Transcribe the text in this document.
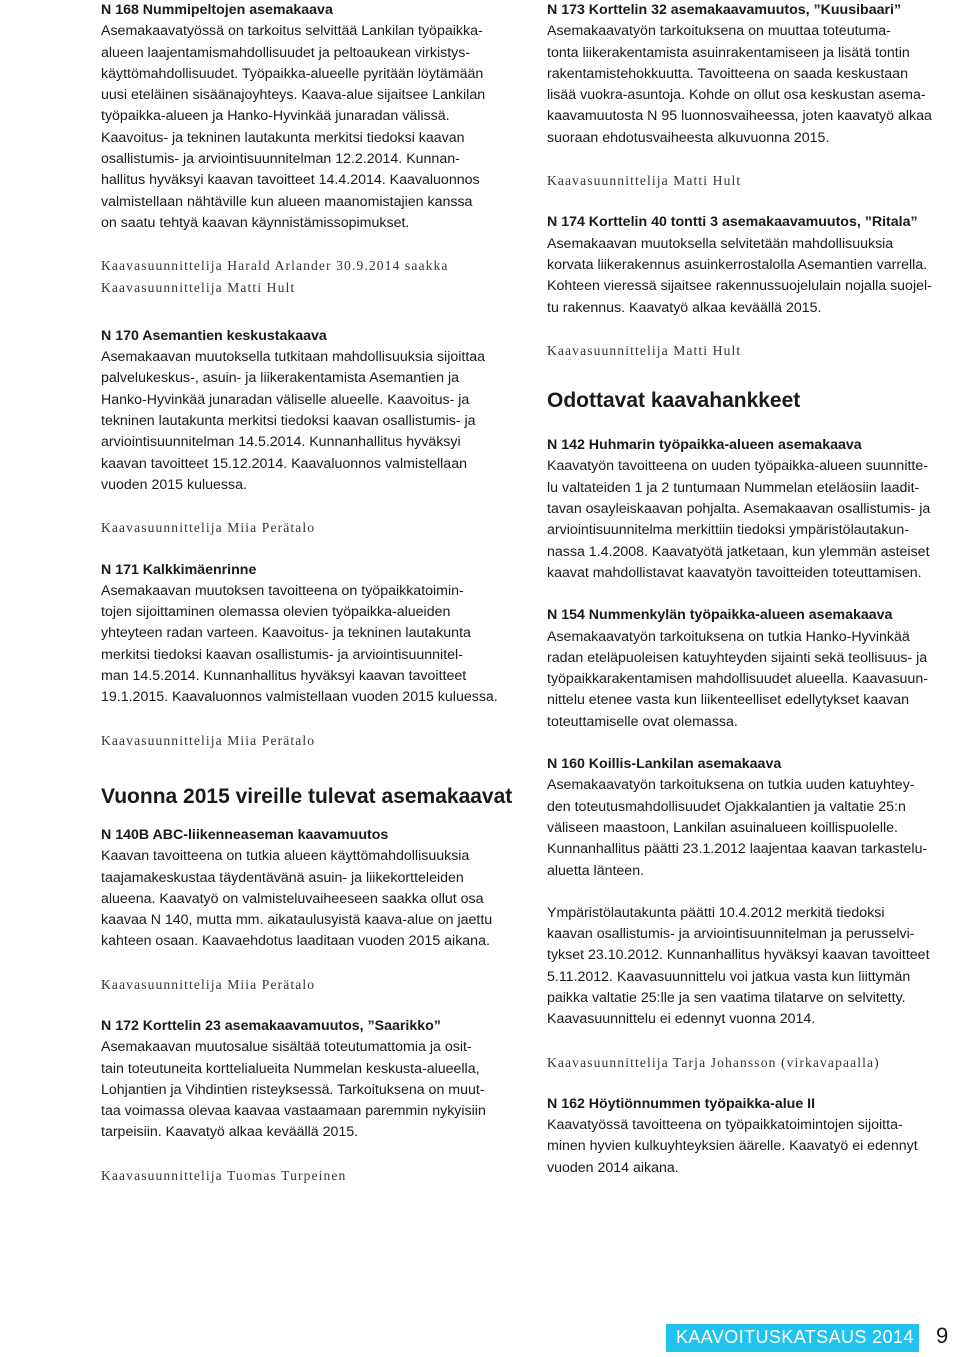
N 168 Nummipeltojen asemakaava

Asemakaavatyössä on tarkoitus selvittää Lankilan työpaikka-
alueen laajentamismahdollisuudet ja peltoaukean virkistys-
käyttömahdollisuudet. Työpaikka-alueelle pyritään löytämään
uusi eteläinen sisäänajoyhteys. Kaava-alue sijaitsee Lankilan
työpaikka-alueen ja Hanko-Hyvinkää junaradan välissä.
Kaavoitus- ja tekninen lautakunta merkitsi tiedoksi kaavan
osallistumis- ja arviointisuunnitelman 12.2.2014. Kunnan-
hallitus hyväksyi kaavan tavoitteet 14.4.2014. Kaavaluonnos
valmistellaan nähtäville kun alueen maanomistajien kanssa
on saatu tehtyä kaavan käynnistämissopimukset.

Kaavasuunnittelija Harald Arlander 30.9.2014 saakka

Kaavasuunnittelija Matti Hult

N 170 Asemantien keskustakaava

Asemakaavan muutoksella tutkitaan mahdollisuuksia sijoittaa
palvelukeskus-, asuin- ja liikerakentamista Asemantien ja
Hanko-Hyvinkää junaradan väliselle alueelle. Kaavoitus- ja
tekninen lautakunta merkitsi tiedoksi kaavan osallistumis- ja
arviointisuunnitelman 14.5.2014. Kunnanhallitus hyväksyi
kaavan tavoitteet 15.12.2014. Kaavaluonnos valmistellaan
vuoden 2015 kuluessa.

Kaavasuunnittelija Miia Perätalo

N 171 Kalkkimäenrinne

Asemakaavan muutoksen tavoitteena on työpaikkatoimin-
tojen sijoittaminen olemassa olevien työpaikka-alueiden
yhteyteen radan varteen. Kaavoitus- ja tekninen lautakunta
merkitsi tiedoksi kaavan osallistumis- ja arviointisuunnitel-
man 14.5.2014. Kunnanhallitus hyväksyi kaavan tavoitteet
19.1.2015. Kaavaluonnos valmistellaan vuoden 2015 kuluessa.

Kaavasuunnittelija Miia Perätalo

Vuonna 2015 vireille tulevat asemakaavat

N 140B ABC-liikenneaseman kaavamuutos

Kaavan tavoitteena on tutkia alueen käyttömahdollisuuksia
taajamakeskustaa täydentävänä asuin- ja liikekortteleiden
alueena. Kaavatyö on valmisteluvaiheeseen saakka ollut osa
kaavaa N 140, mutta mm. aikataulusyistä kaava-alue on jaettu
kahteen osaan. Kaavaehdotus laaditaan vuoden 2015 aikana.

Kaavasuunnittelija Miia Perätalo

N 172 Korttelin 23 asemakaavamuutos, ”Saarikko”

Asemakaavan muutosalue sisältää toteutumattomia ja osit-
tain toteutuneita korttelialueita Nummelan keskusta-alueella,
Lohjantien ja Vihdintien risteyksessä. Tarkoituksena on muut-
taa voimassa olevaa kaavaa vastaamaan paremmin nykyisiin
tarpeisiin. Kaavatyö alkaa keväällä 2015.

Kaavasuunnittelija Tuomas Turpeinen

N 173 Korttelin 32 asemakaavamuutos, ”Kuusibaari”

Asemakaavatyön tarkoituksena on muuttaa toteutuma-
tonta liikerakentamista asuinrakentamiseen ja lisätä tontin
rakentamistehokkuutta. Tavoitteena on saada keskustaan
lisää vuokra-asuntoja. Kohde on ollut osa keskustan asema-
kaavamuutosta N 95 luonnosvaiheessa, joten kaavatyö alkaa
suoraan ehdotusvaiheesta alkuvuonna 2015.

Kaavasuunnittelija Matti Hult

N 174 Korttelin 40 tontti 3 asemakaavamuutos, ”Ritala”

Asemakaavan muutoksella selvitetään mahdollisuuksia
korvata liikerakennus asuinkerrostalolla Asemantien varrella.
Kohteen vieressä sijaitsee rakennussuojelulain nojalla suojel-
tu rakennus. Kaavatyö alkaa keväällä 2015.

Kaavasuunnittelija Matti Hult

Odottavat kaavahankkeet

N 142 Huhmarin työpaikka-alueen asemakaava

Kaavatyön tavoitteena on uuden työpaikka-alueen suunnitte-
lu valtateiden 1 ja 2 tuntumaan Nummelan eteläosiin laadit-
tavan osayleiskaavan pohjalta. Asemakaavan osallistumis- ja
arviointisuunnitelma merkittiin tiedoksi ympäristölautakun-
nassa 1.4.2008. Kaavatyötä jatketaan, kun ylemmän asteiset
kaavat mahdollistavat kaavatyön tavoitteiden toteuttamisen.

N 154 Nummenkylän työpaikka-alueen asemakaava

Asemakaavatyön tarkoituksena on tutkia Hanko-Hyvinkää
radan eteläpuoleisen katuyhteyden sijainti sekä teollisuus- ja
työpaikkarakentamisen mahdollisuudet alueella. Kaavasuun-
nittelu etenee vasta kun liikenteelliset edellytykset kaavan
toteuttamiselle ovat olemassa.

N 160 Koillis-Lankilan asemakaava

Asemakaavatyön tarkoituksena on tutkia uuden katuyhtey-
den toteutusmahdollisuudet Ojakkalantien ja valtatie 25:n
väliseen maastoon, Lankilan asuinalueen koillispuolelle.
Kunnanhallitus päätti 23.1.2012 laajentaa kaavan tarkastelu-
aluetta länteen.
Ympäristölautakunta päätti 10.4.2012 merkitä tiedoksi
kaavan osallistumis- ja arviointisuunnitelman ja perusselvi-
tykset 23.10.2012. Kunnanhallitus hyväksyi kaavan tavoitteet
5.11.2012. Kaavasuunnittelu voi jatkua vasta kun liittymän
paikka valtatie 25:lle ja sen vaatima tilatarve on selvitetty.
Kaavasuunnittelu ei edennyt vuonna 2014.

Kaavasuunnittelija Tarja Johansson (virkavapaalla)

N 162 Höytiönnummen työpaikka-alue II

Kaavatyössä tavoitteena on työpaikkatoimintojen sijoitta-
minen hyvien kulkuyhteyksien äärelle. Kaavatyö ei edennyt
vuoden 2014 aikana.
KAAVOITUSKATSAUS 2014 9
